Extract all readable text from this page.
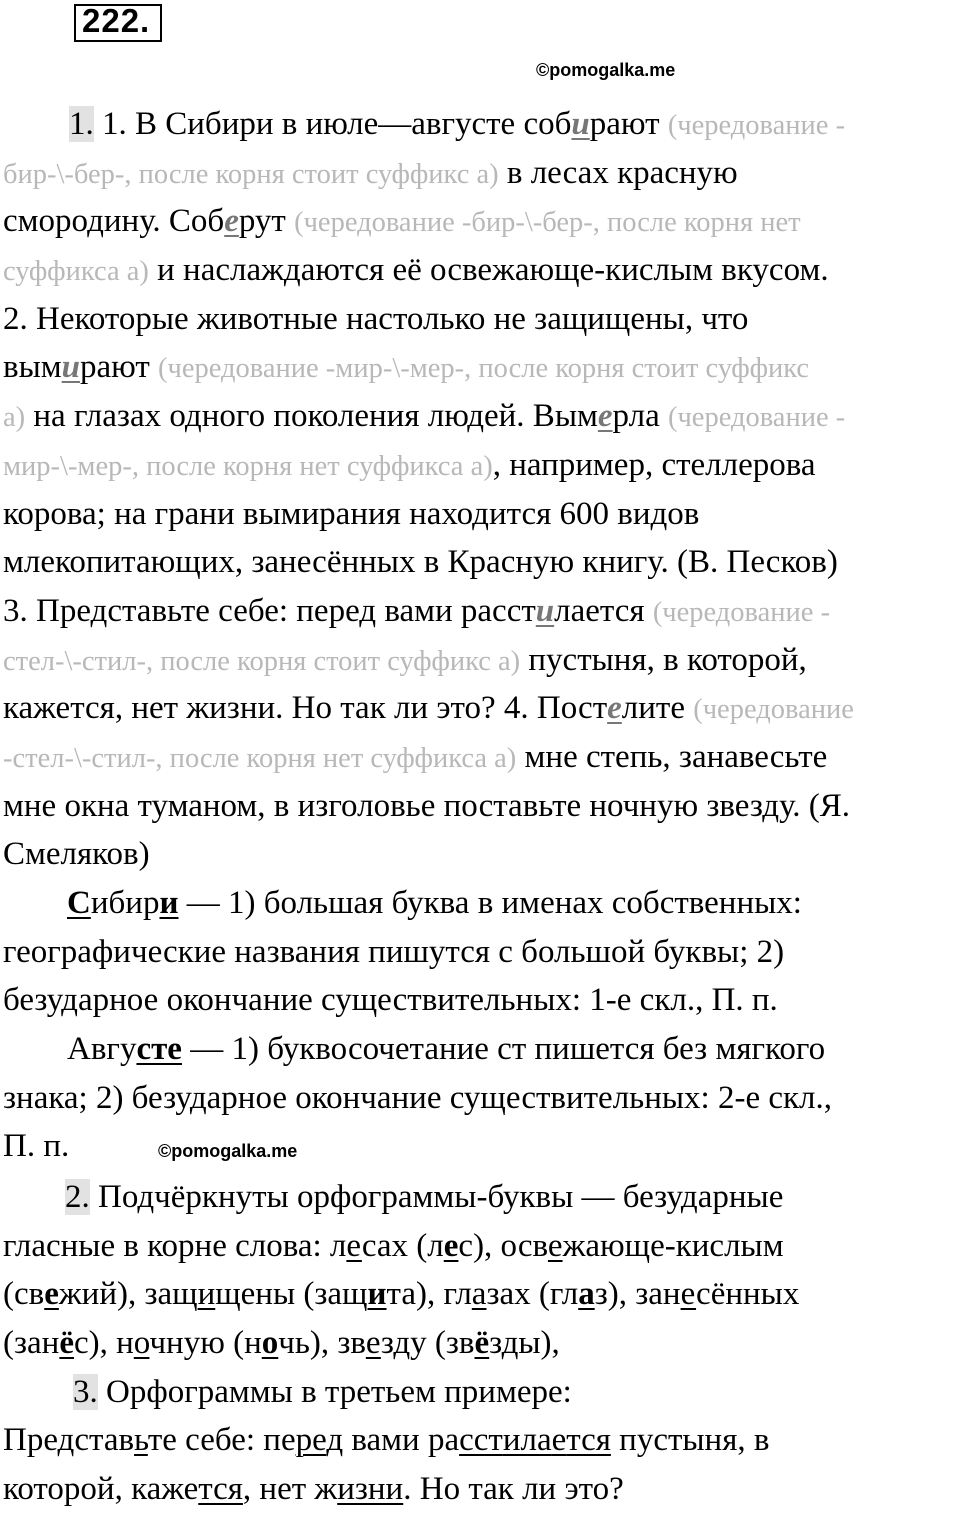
222.
©pomogalka.me
1. 1. В Сибири в июле—августе собирают (чередование -
бир-\-бер-, после корня стоит суффикс а) в лесах красную
смородину. Соберут (чередование -бир-\-бер-, после корня нет
суффикса а) и наслаждаются её освежающе-кислым вкусом.
2. Некоторые животные настолько не защищены, что
вымирают (чередование -мир-\-мер-, после корня стоит суффикс
а) на глазах одного поколения людей. Вымерла (чередование -
мир-\-мер-, после корня нет суффикса а), например, стеллерова
корова; на грани вымирания находится 600 видов
млекопитающих, занесённых в Красную книгу. (В. Песков)
3. Представьте себе: перед вами расстилается (чередование -
стел-\-стил-, после корня стоит суффикс а) пустыня, в которой,
кажется, нет жизни. Но так ли это? 4. Постелите (чередование
-стел-\-стил-, после корня нет суффикса а) мне степь, занавесьте
мне окна туманом, в изголовье поставьте ночную звезду. (Я.
Смеляков)
Сибири — 1) большая буква в именах собственных:
географические названия пишутся с большой буквы; 2)
безударное окончание существительных: 1-е скл., П. п.
Августе — 1) буквосочетание ст пишется без мягкого
знака; 2) безударное окончание существительных: 2-е скл.,
П. п.	©pomogalka.me
2. Подчёркнуты орфограммы-буквы — безударные
гласные в корне слова: лесах (лес), освежающе-кислым
(свежий), защищены (защита), глазах (глаз), занесённых
(занёс), ночную (ночь), звезду (звёзды),
3. Орфограммы в третьем примере:
Представьте себе: перед вами расстилается пустыня, в
которой, кажется, нет жизни. Но так ли это?
